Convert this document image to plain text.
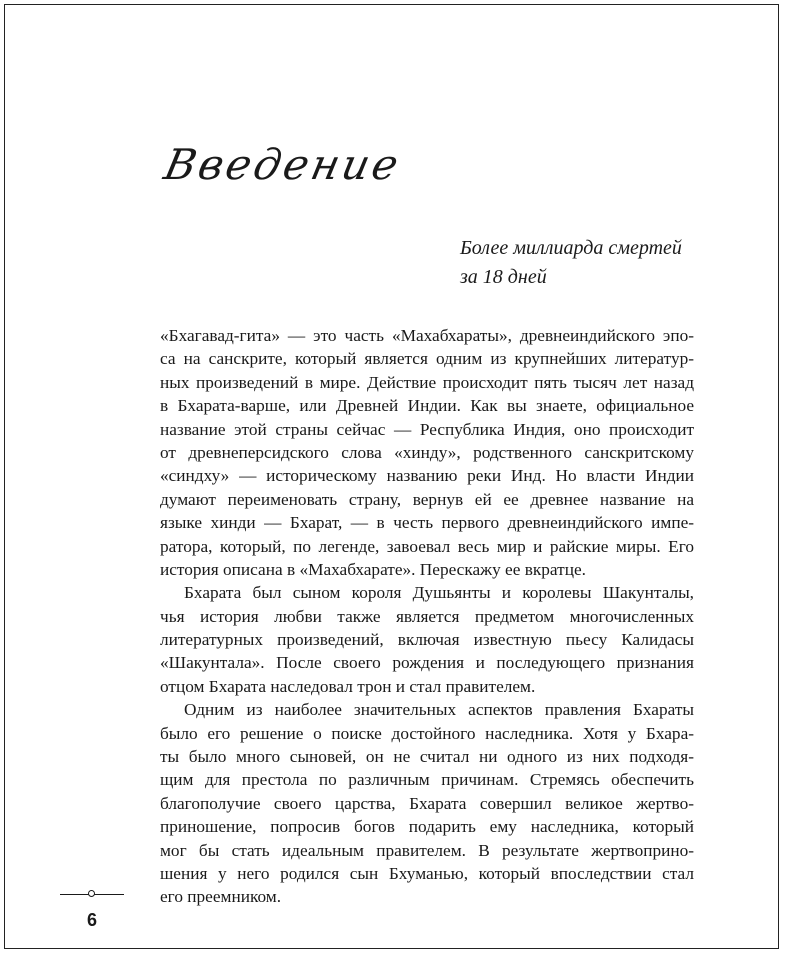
Введение
Более миллиарда смертей
за 18 дней

«Бхагавад-гита» — это часть «Махабхараты», древнеиндийского эпо-
са на санскрите, который является одним из крупнейших литератур-
ных произведений в мире. Действие происходит пять тысяч лет назад
в Бхарата-варше, или Древней Индии. Как вы знаете, официальное
название этой страны сейчас — Республика Индия, оно происходит
от древнеперсидского слова «хинду», родственного санскритскому
«синдху» — историческому названию реки Инд. Но власти Индии
думают переименовать страну, вернув ей ее древнее название на
языке хинди — Бхарат, — в честь первого древнеиндийского импе-
ратора, который, по легенде, завоевал весь мир и райские миры. Его
история описана в «Махабхарате». Перескажу ее вкратце.

Бхарата был сыном короля Душьянты и королевы Шакунталы,
чья история любви также является предметом многочисленных
литературных произведений, включая известную пьесу Калидасы
«Шакунтала». После своего рождения и последующего признания
отцом Бхарата наследовал трон и стал правителем.

Одним из наиболее значительных аспектов правления Бхараты
было его решение о поиске достойного наследника. Хотя у Бхара-
ты было много сыновей, он не считал ни одного из них подходя-
щим для престола по различным причинам. Стремясь обеспечить
благополучие своего царства, Бхарата совершил великое жертво-
приношение, попросив богов подарить ему наследника, который
мог бы стать идеальным правителем. В результате жертвоприно-
шения у него родился сын Бхуманью, который впоследствии стал
его преемником.

6
